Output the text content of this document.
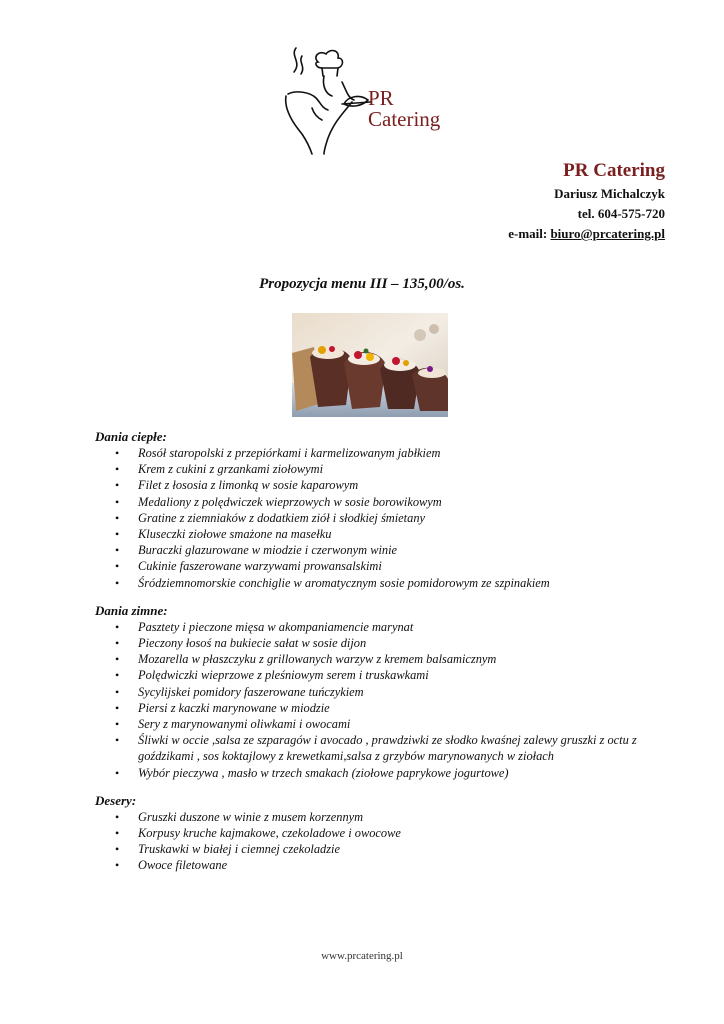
PR
Catering
PR Catering
Dariusz Michalczyk
tel. 604-575-720
e-mail: biuro@prcatering.pl
Propozycja menu III – 135,00/os.
Dania ciepłe:
• Rosół staropolski z przepiórkami i karmelizowanym jabłkiem
• Krem z cukini z grzankami ziołowymi
• Filet z łososia z limonką w sosie kaparowym
• Medaliony z polędwiczek wieprzowych w sosie borowikowym
• Gratine z ziemniaków z dodatkiem ziół i słodkiej śmietany
• Kluseczki ziołowe smażone na masełku
• Buraczki glazurowane w miodzie i czerwonym winie
• Cukinie faszerowane warzywami prowansalskimi
• Śródziemnomorskie conchiglie w aromatycznym sosie pomidorowym ze szpinakiem
Dania zimne:
• Pasztety i pieczone mięsa w akompaniamencie marynat
• Pieczony łosoś na bukiecie sałat w sosie dijon
• Mozarella w płaszczyku z grillowanych warzyw z kremem balsamicznym
• Polędwiczki wieprzowe z pleśniowym serem i truskawkami
• Sycylijskei pomidory faszerowane tuńczykiem
• Piersi z kaczki marynowane w miodzie
• Sery z marynowanymi oliwkami i owocami
• Śliwki w occie ,salsa ze szparagów i avocado , prawdziwki ze słodko kwaśnej zalewy gruszki z octu z goździkami , sos koktajlowy z krewetkami,salsa z grzybów marynowanych w ziołach
• Wybór pieczywa , masło w trzech smakach (ziołowe paprykowe jogurtowe)
Desery:
• Gruszki duszone w winie z musem korzennym
• Korpusy kruche kajmakowe, czekoladowe i owocowe
• Truskawki w białej i ciemnej czekoladzie
• Owoce filetowane
www.prcatering.pl
